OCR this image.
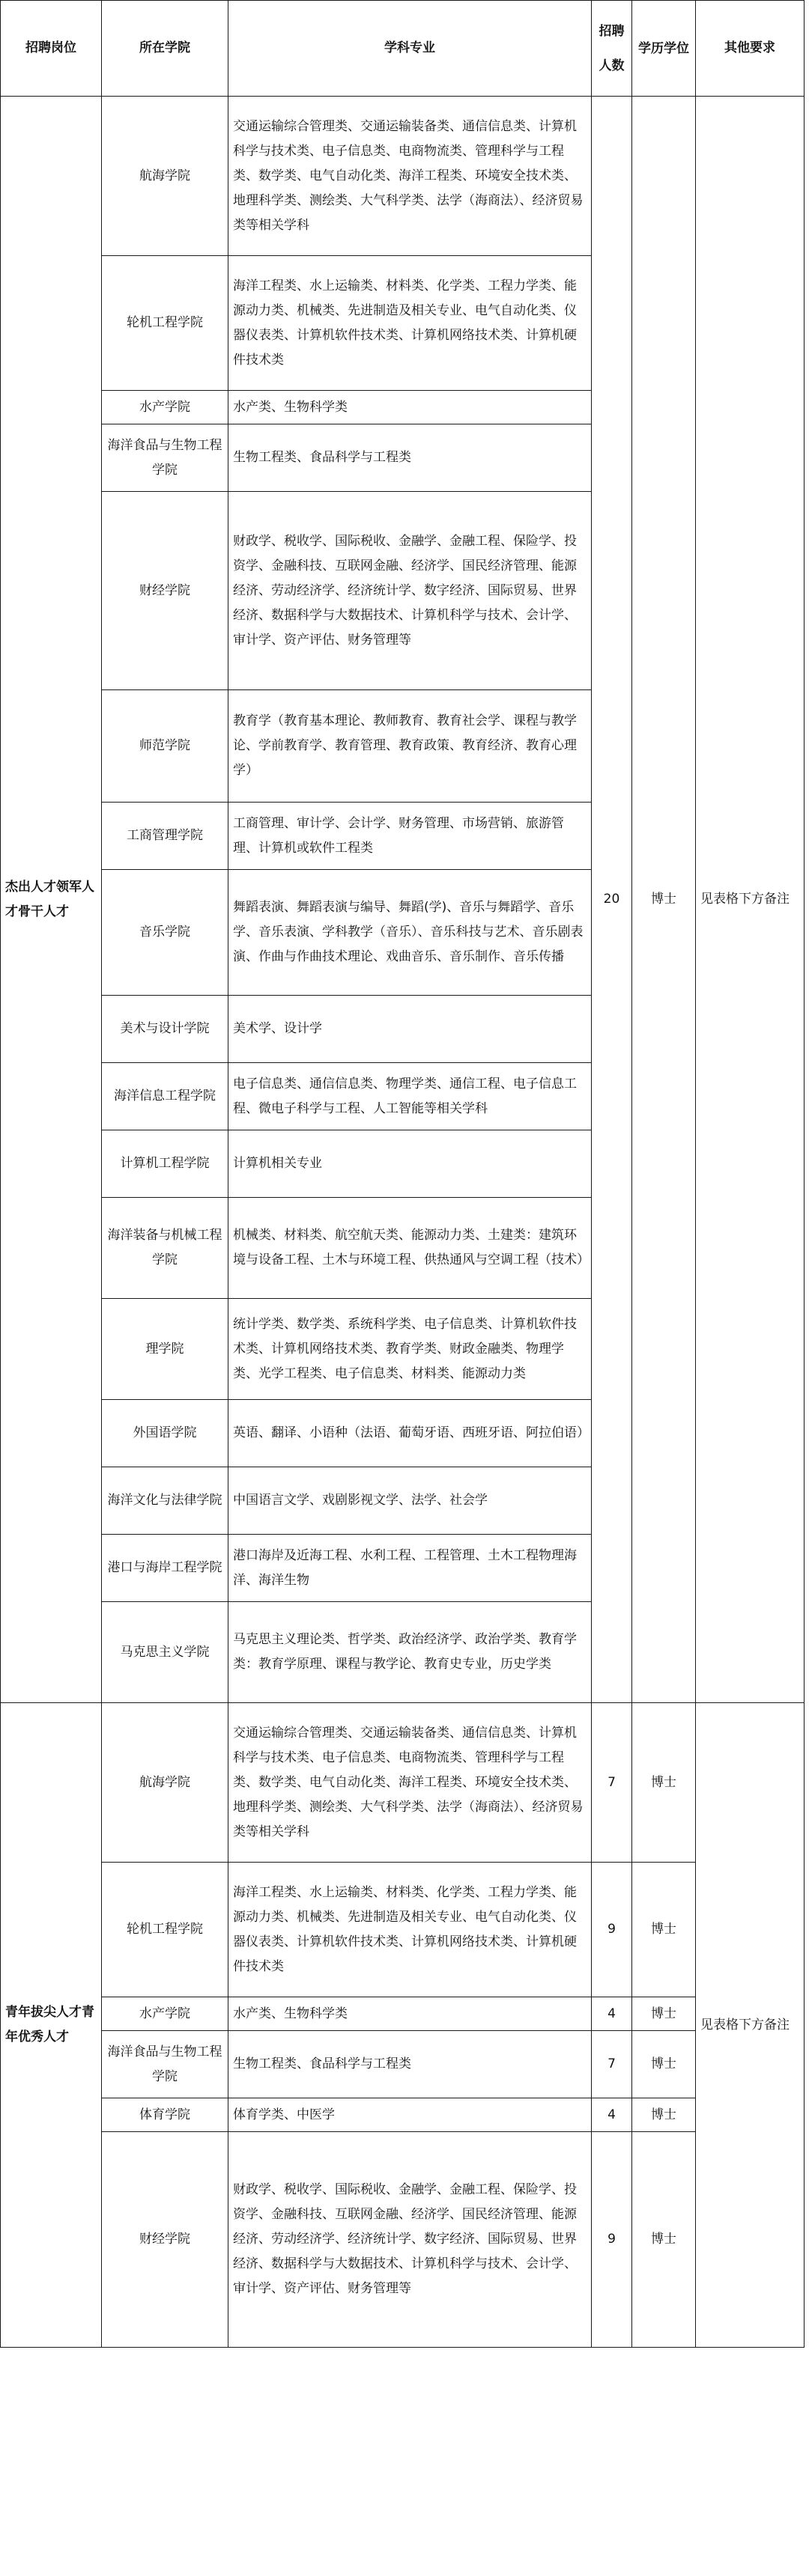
招聘岗位	所在学院	学科专业	招聘人数	学历学位	其他要求
杰出人才领军人才骨干人才	航海学院	交通运输综合管理类、交通运输装备类、通信信息类、计算机科学与技术类、电子信息类、电商物流类、管理科学与工程类、数学类、电气自动化类、海洋工程类、环境安全技术类、地理科学类、测绘类、大气科学类、法学（海商法）、经济贸易类等相关学科	20	博士	见表格下方备注
	轮机工程学院	海洋工程类、水上运输类、材料类、化学类、工程力学类、能源动力类、机械类、先进制造及相关专业、电气自动化类、仪器仪表类、计算机软件技术类、计算机网络技术类、计算机硬件技术类			
	水产学院	水产类、生物科学类			
	海洋食品与生物工程学院	生物工程类、食品科学与工程类			
	财经学院	财政学、税收学、国际税收、金融学、金融工程、保险学、投资学、金融科技、互联网金融、经济学、国民经济管理、能源经济、劳动经济学、经济统计学、数字经济、国际贸易、世界经济、数据科学与大数据技术、计算机科学与技术、会计学、审计学、资产评估、财务管理等			
	师范学院	教育学（教育基本理论、教师教育、教育社会学、课程与教学论、学前教育学、教育管理、教育政策、教育经济、教育心理学）			
	工商管理学院	工商管理、审计学、会计学、财务管理、市场营销、旅游管理、计算机或软件工程类			
	音乐学院	舞蹈表演、舞蹈表演与编导、舞蹈(学)、音乐与舞蹈学、音乐学、音乐表演、学科教学（音乐）、音乐科技与艺术、音乐剧表演、作曲与作曲技术理论、戏曲音乐、音乐制作、音乐传播			
	美术与设计学院	美术学、设计学			
	海洋信息工程学院	电子信息类、通信信息类、物理学类、通信工程、电子信息工程、微电子科学与工程、人工智能等相关学科			
	计算机工程学院	计算机相关专业			
	海洋装备与机械工程学院	机械类、材料类、航空航天类、能源动力类、土建类：建筑环境与设备工程、土木与环境工程、供热通风与空调工程（技术）			
	理学院	统计学类、数学类、系统科学类、电子信息类、计算机软件技术类、计算机网络技术类、教育学类、财政金融类、物理学类、光学工程类、电子信息类、材料类、能源动力类			
	外国语学院	英语、翻译、小语种（法语、葡萄牙语、西班牙语、阿拉伯语）			
	海洋文化与法律学院	中国语言文学、戏剧影视文学、法学、社会学			
	港口与海岸工程学院	港口海岸及近海工程、水利工程、工程管理、土木工程物理海洋、海洋生物			
	马克思主义学院	马克思主义理论类、哲学类、政治经济学、政治学类、教育学类：教育学原理、课程与教学论、教育史专业，历史学类			
青年拔尖人才青年优秀人才	航海学院	交通运输综合管理类、交通运输装备类、通信信息类、计算机科学与技术类、电子信息类、电商物流类、管理科学与工程类、数学类、电气自动化类、海洋工程类、环境安全技术类、地理科学类、测绘类、大气科学类、法学（海商法）、经济贸易类等相关学科	7	博士	见表格下方备注
	轮机工程学院	海洋工程类、水上运输类、材料类、化学类、工程力学类、能源动力类、机械类、先进制造及相关专业、电气自动化类、仪器仪表类、计算机软件技术类、计算机网络技术类、计算机硬件技术类	9	博士	
	水产学院	水产类、生物科学类	4	博士	
	海洋食品与生物工程学院	生物工程类、食品科学与工程类	7	博士	
	体育学院	体育学类、中医学	4	博士	
	财经学院	财政学、税收学、国际税收、金融学、金融工程、保险学、投资学、金融科技、互联网金融、经济学、国民经济管理、能源经济、劳动经济学、经济统计学、数字经济、国际贸易、世界经济、数据科学与大数据技术、计算机科学与技术、会计学、审计学、资产评估、财务管理等	9	博士	
